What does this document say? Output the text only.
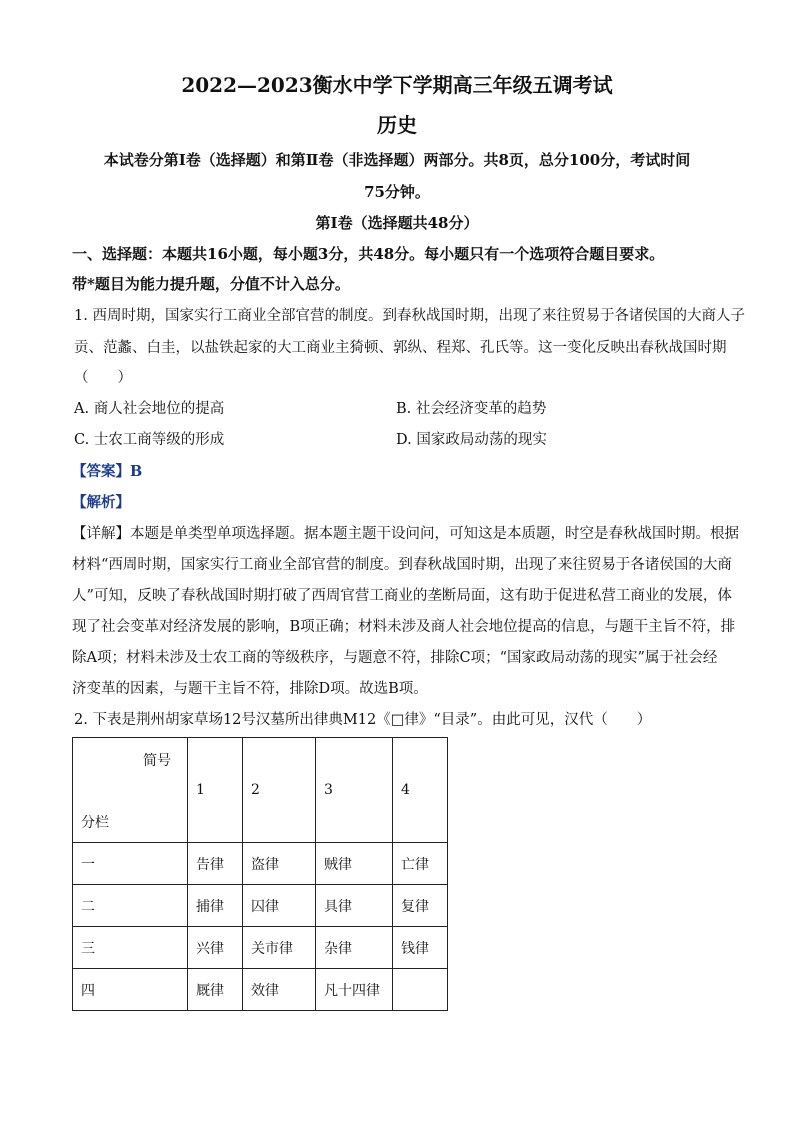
2022—2023衡水中学下学期高三年级五调考试
历史
本试卷分第Ⅰ卷（选择题）和第Ⅱ卷（非选择题）两部分。共8页，总分100分，考试时间
75分钟。
第Ⅰ卷（选择题共48分）
一、选择题：本题共16小题，每小题3分，共48分。每小题只有一个选项符合题目要求。
带*题目为能力提升题，分值不计入总分。
1. 西周时期，国家实行工商业全部官营的制度。到春秋战国时期，出现了来往贸易于各诸侯国的大商人子
贡、范蠡、白圭，以盐铁起家的大工商业主猗顿、郭纵、程郑、孔氏等。这一变化反映出春秋战国时期
（　　）
A. 商人社会地位的提高	B. 社会经济变革的趋势
C. 士农工商等级的形成	D. 国家政局动荡的现实
【答案】B
【解析】
【详解】本题是单类型单项选择题。据本题主题干设问问，可知这是本质题，时空是春秋战国时期。根据
材料“西周时期，国家实行工商业全部官营的制度。到春秋战国时期，出现了来往贸易于各诸侯国的大商
人”可知，反映了春秋战国时期打破了西周官营工商业的垄断局面，这有助于促进私营工商业的发展，体
现了社会变革对经济发展的影响，B项正确；材料未涉及商人社会地位提高的信息，与题干主旨不符，排
除A项；材料未涉及士农工商的等级秩序，与题意不符，排除C项；“国家政局动荡的现实”属于社会经
济变革的因素，与题干主旨不符，排除D项。故选B项。
2. 下表是荆州胡家草场12号汉墓所出律典M12《□律》“目录”。由此可见，汉代（　　）
简号
分栏	1	2	3	4
一	告律	盗律	贼律	亡律
二	捕律	囚律	具律	复律
三	兴律	关市律	杂律	钱律
四	厩律	效律	凡十四律	
